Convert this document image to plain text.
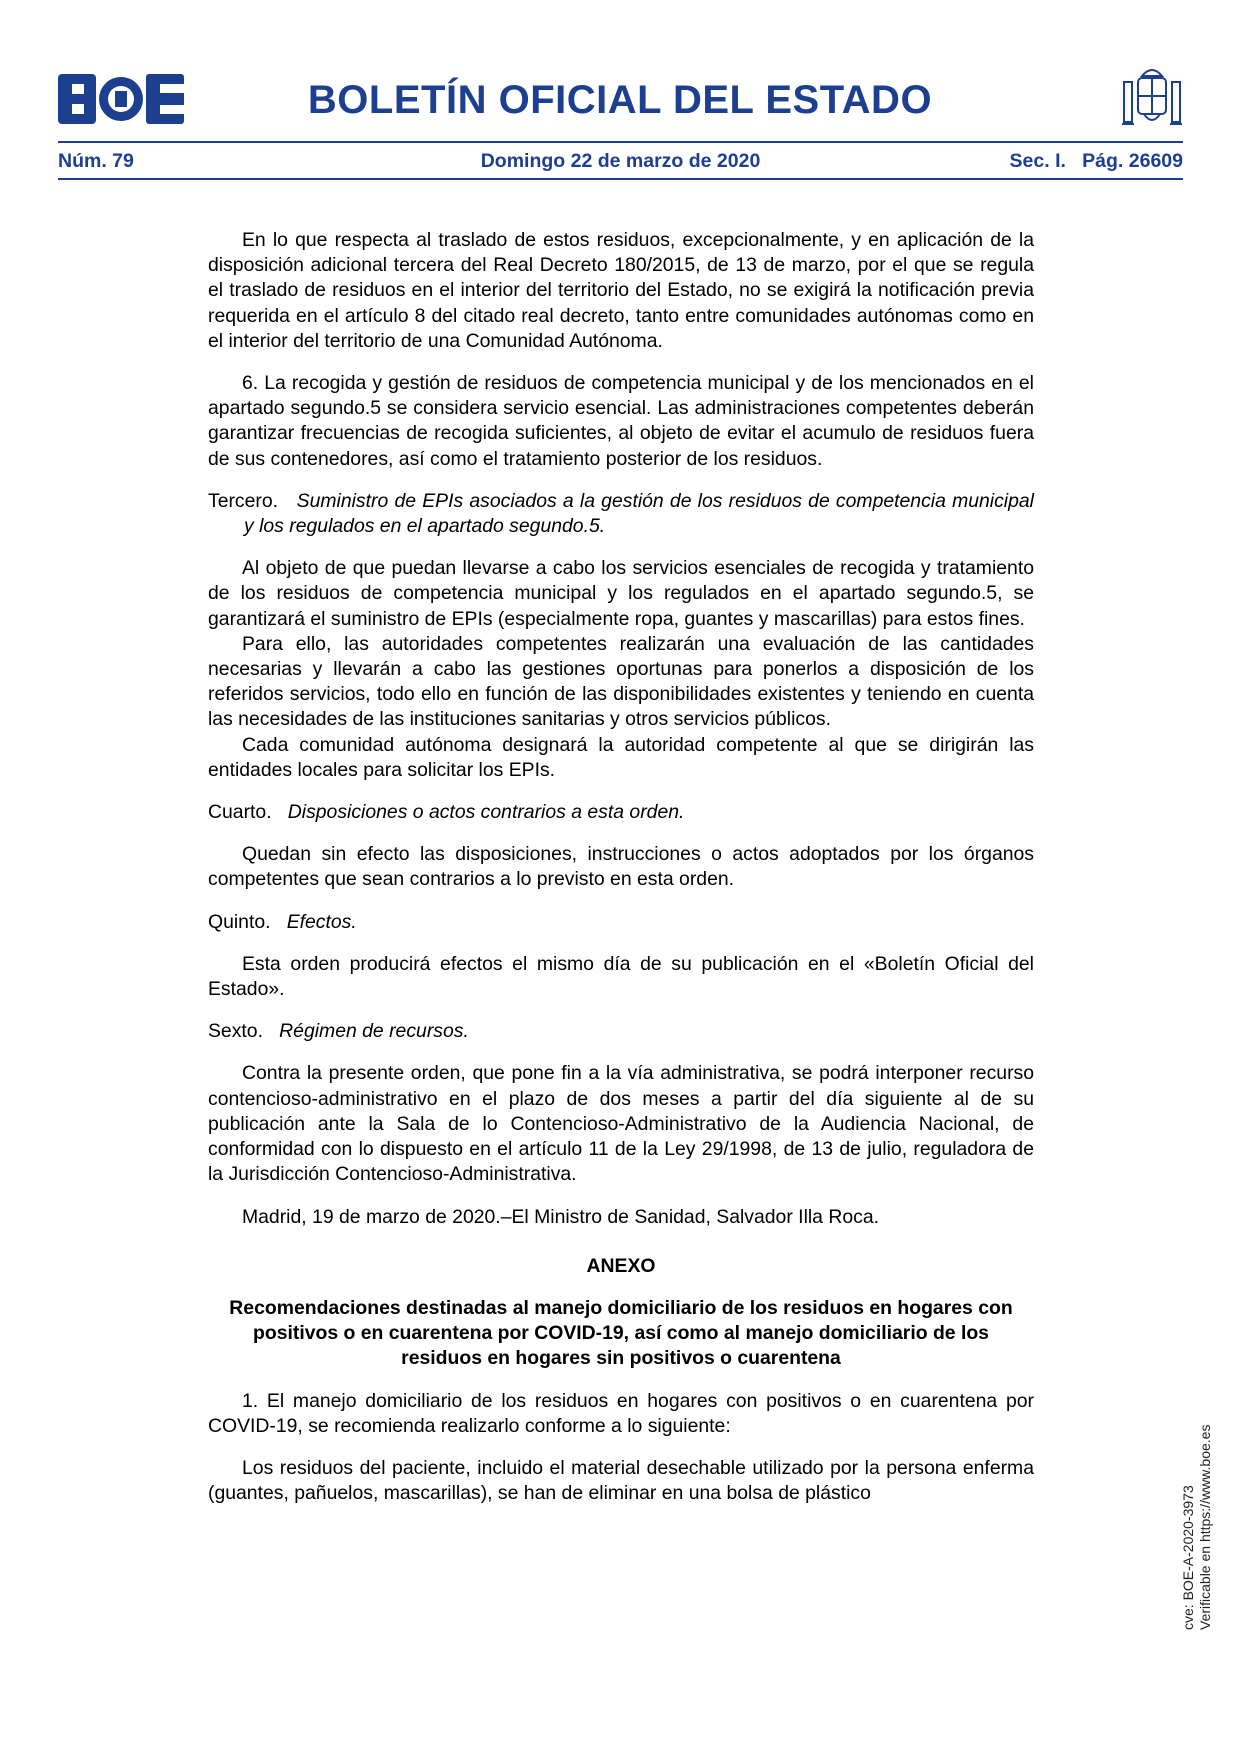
BOLETÍN OFICIAL DEL ESTADO
Domingo 22 de marzo de 2020
Núm. 79	Sec. I.   Pág. 26609

En lo que respecta al traslado de estos residuos, excepcionalmente, y en aplicación de la disposición adicional tercera del Real Decreto 180/2015, de 13 de marzo, por el que se regula el traslado de residuos en el interior del territorio del Estado, no se exigirá la notificación previa requerida en el artículo 8 del citado real decreto, tanto entre comunidades autónomas como en el interior del territorio de una Comunidad Autónoma.

6. La recogida y gestión de residuos de competencia municipal y de los mencionados en el apartado segundo.5 se considera servicio esencial. Las administraciones competentes deberán garantizar frecuencias de recogida suficientes, al objeto de evitar el acumulo de residuos fuera de sus contenedores, así como el tratamiento posterior de los residuos.

Tercero. Suministro de EPIs asociados a la gestión de los residuos de competencia municipal y los regulados en el apartado segundo.5.

Al objeto de que puedan llevarse a cabo los servicios esenciales de recogida y tratamiento de los residuos de competencia municipal y los regulados en el apartado segundo.5, se garantizará el suministro de EPIs (especialmente ropa, guantes y mascarillas) para estos fines.

Para ello, las autoridades competentes realizarán una evaluación de las cantidades necesarias y llevarán a cabo las gestiones oportunas para ponerlos a disposición de los referidos servicios, todo ello en función de las disponibilidades existentes y teniendo en cuenta las necesidades de las instituciones sanitarias y otros servicios públicos.

Cada comunidad autónoma designará la autoridad competente al que se dirigirán las entidades locales para solicitar los EPIs.

Cuarto. Disposiciones o actos contrarios a esta orden.

Quedan sin efecto las disposiciones, instrucciones o actos adoptados por los órganos competentes que sean contrarios a lo previsto en esta orden.

Quinto. Efectos.

Esta orden producirá efectos el mismo día de su publicación en el «Boletín Oficial del Estado».

Sexto. Régimen de recursos.

Contra la presente orden, que pone fin a la vía administrativa, se podrá interponer recurso contencioso-administrativo en el plazo de dos meses a partir del día siguiente al de su publicación ante la Sala de lo Contencioso-Administrativo de la Audiencia Nacional, de conformidad con lo dispuesto en el artículo 11 de la Ley 29/1998, de 13 de julio, reguladora de la Jurisdicción Contencioso-Administrativa.

Madrid, 19 de marzo de 2020.–El Ministro de Sanidad, Salvador Illa Roca.

ANEXO

Recomendaciones destinadas al manejo domiciliario de los residuos en hogares con positivos o en cuarentena por COVID-19, así como al manejo domiciliario de los residuos en hogares sin positivos o cuarentena

1. El manejo domiciliario de los residuos en hogares con positivos o en cuarentena por COVID-19, se recomienda realizarlo conforme a lo siguiente:

Los residuos del paciente, incluido el material desechable utilizado por la persona enferma (guantes, pañuelos, mascarillas), se han de eliminar en una bolsa de plástico	cve: BOE-A-2020-3973 Verificable en https://www.boe.es
